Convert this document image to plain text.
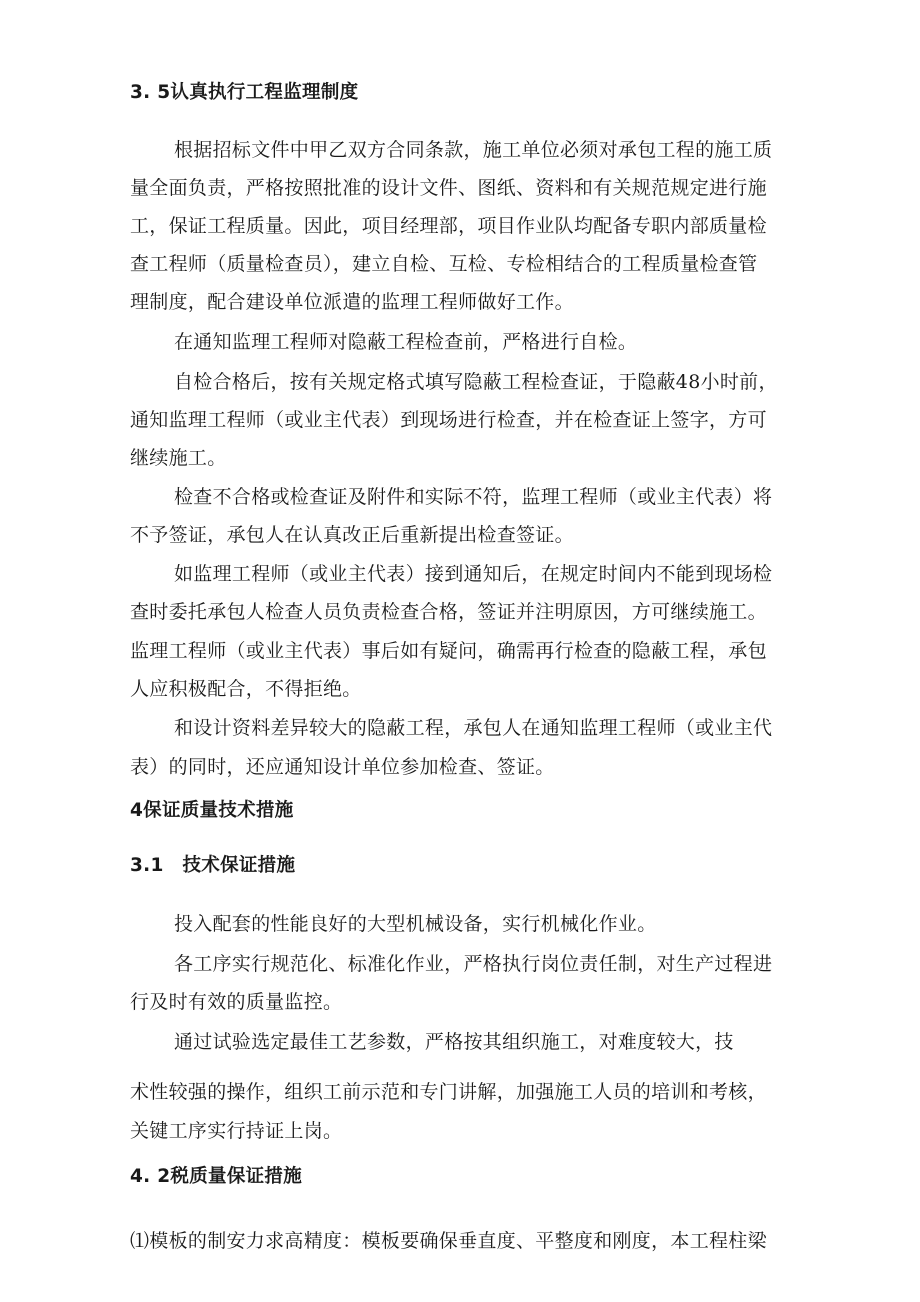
3. 5认真执行工程监理制度
根据招标文件中甲乙双方合同条款，施工单位必须对承包工程的施工质
量全面负责，严格按照批准的设计文件、图纸、资料和有关规范规定进行施
工，保证工程质量。因此，项目经理部，项目作业队均配备专职内部质量检
查工程师（质量检查员），建立自检、互检、专检相结合的工程质量检查管
理制度，配合建设单位派遣的监理工程师做好工作。
在通知监理工程师对隐蔽工程检查前，严格进行自检。
自检合格后，按有关规定格式填写隐蔽工程检查证，于隐蔽48小时前，
通知监理工程师（或业主代表）到现场进行检查，并在检查证上签字，方可
继续施工。
检查不合格或检查证及附件和实际不符，监理工程师（或业主代表）将
不予签证，承包人在认真改正后重新提出检查签证。
如监理工程师（或业主代表）接到通知后，在规定时间内不能到现场检
查时委托承包人检查人员负责检查合格，签证并注明原因，方可继续施工。
监理工程师（或业主代表）事后如有疑问，确需再行检查的隐蔽工程，承包
人应积极配合，不得拒绝。
和设计资料差异较大的隐蔽工程，承包人在通知监理工程师（或业主代
表）的同时，还应通知设计单位参加检查、签证。
4保证质量技术措施
3.1　技术保证措施
投入配套的性能良好的大型机械设备，实行机械化作业。
各工序实行规范化、标准化作业，严格执行岗位责任制，对生产过程进
行及时有效的质量监控。
通过试验选定最佳工艺参数，严格按其组织施工，对难度较大，技
术性较强的操作，组织工前示范和专门讲解，加强施工人员的培训和考核，
关键工序实行持证上岗。
4. 2税质量保证措施
⑴模板的制安力求高精度：模板要确保垂直度、平整度和刚度，本工程柱梁
